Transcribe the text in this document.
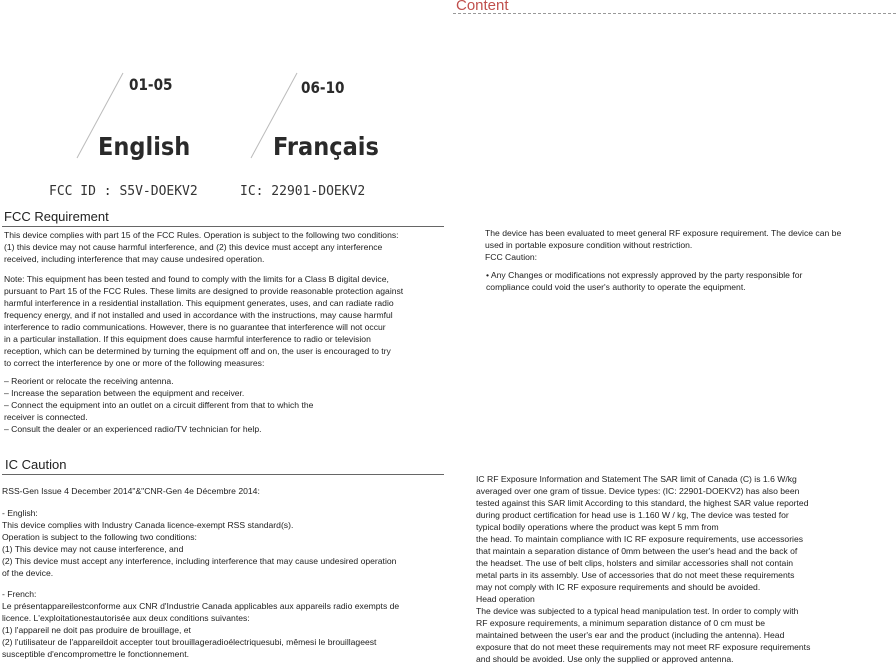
Content
01-05
English
06-10
Français
FCC ID : S5V-DOEKV2	IC: 22901-DOEKV2
FCC Requirement
This device complies with part 15 of the FCC Rules. Operation is subject to the following two conditions:
(1) this device may not cause harmful interference, and (2) this device must accept any interference
received, including interference that may cause undesired operation.
Note: This equipment has been tested and found to comply with the limits for a Class B digital device,
pursuant to Part 15 of the FCC Rules. These limits are designed to provide reasonable protection against
harmful interference in a residential installation. This equipment generates, uses, and can radiate radio
frequency energy, and if not installed and used in accordance with the instructions, may cause harmful
interference to radio communications. However, there is no guarantee that interference will not occur
in a particular installation. If this equipment does cause harmful interference to radio or television
reception, which can be determined by turning the equipment off and on, the user is encouraged to try
to correct the interference by one or more of the following measures:
– Reorient or relocate the receiving antenna.
– Increase the separation between the equipment and receiver.
– Connect the equipment into an outlet on a circuit different from that to which the
receiver is connected.
– Consult the dealer or an experienced radio/TV technician for help.
IC Caution
RSS-Gen Issue 4 December 2014"&"CNR-Gen 4e Décembre 2014:
- English:
This device complies with Industry Canada licence-exempt RSS standard(s).
Operation is subject to the following two conditions:
(1) This device may not cause interference, and
(2) This device must accept any interference, including interference that may cause undesired operation
of the device.
- French:
Le présentappareilestconforme aux CNR d'Industrie Canada applicables aux appareils radio exempts de
licence. L'exploitationestautorisée aux deux conditions suivantes:
(1) l'appareil ne doit pas produire de brouillage, et
(2) l'utilisateur de l'appareildoit accepter tout brouillageradioélectriquesubi, mêmesi le brouillageest
susceptible d'encompromettre le fonctionnement.
The device has been evaluated to meet general RF exposure requirement. The device can be
used in portable exposure condition without restriction.
FCC Caution:
• Any Changes or modifications not expressly approved by the party responsible for
compliance could void the user's authority to operate the equipment.
IC RF Exposure Information and Statement The SAR limit of Canada (C) is 1.6 W/kg
averaged over one gram of tissue. Device types: (IC: 22901-DOEKV2) has also been
tested against this SAR limit According to this standard, the highest SAR value reported
during product certification for head use is 1.160 W / kg, The device was tested for
typical bodily operations where the product was kept 5 mm from
the head. To maintain compliance with IC RF exposure requirements, use accessories
that maintain a separation distance of 0mm between the user's head and the back of
the headset. The use of belt clips, holsters and similar accessories shall not contain
metal parts in its assembly. Use of accessories that do not meet these requirements
may not comply with IC RF exposure requirements and should be avoided.
Head operation
The device was subjected to a typical head manipulation test. In order to comply with
RF exposure requirements, a minimum separation distance of 0 cm must be
maintained between the user's ear and the product (including the antenna). Head
exposure that do not meet these requirements may not meet RF exposure requirements
and should be avoided. Use only the supplied or approved antenna.
